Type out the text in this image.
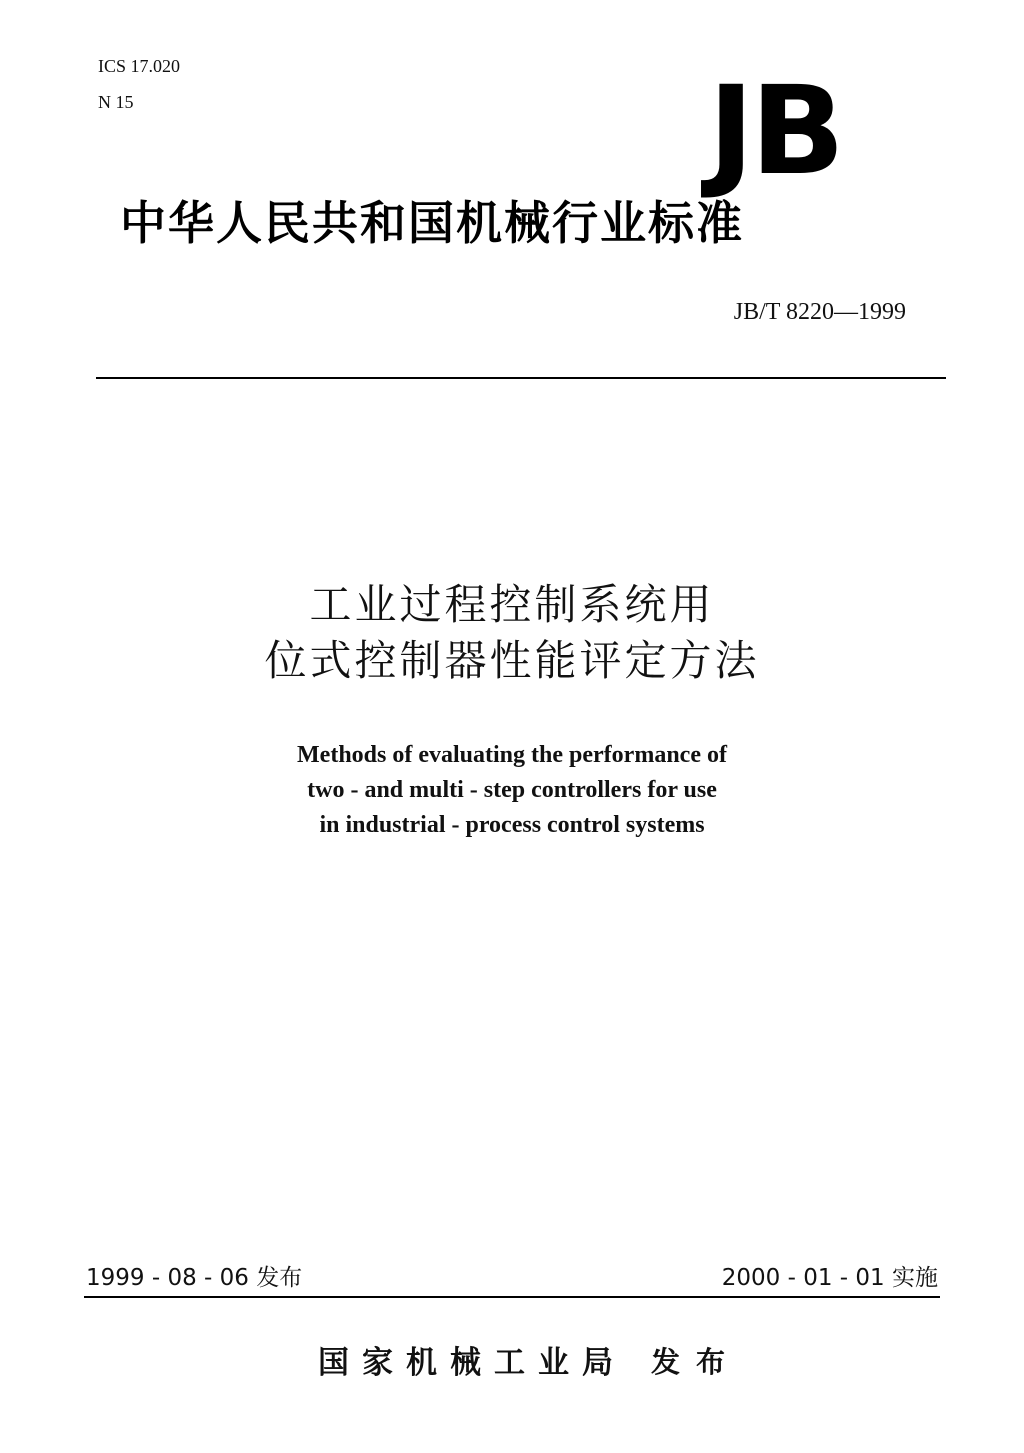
ICS 17.020
N 15	JB
中华人民共和国机械行业标准
JB/T 8220—1999
工业过程控制系统用
位式控制器性能评定方法
Methods of evaluating the performance of
two - and multi - step controllers for use
in industrial - process control systems
1999 - 08 - 06 发布	2000 - 01 - 01 实施
国家机械工业局 发布
